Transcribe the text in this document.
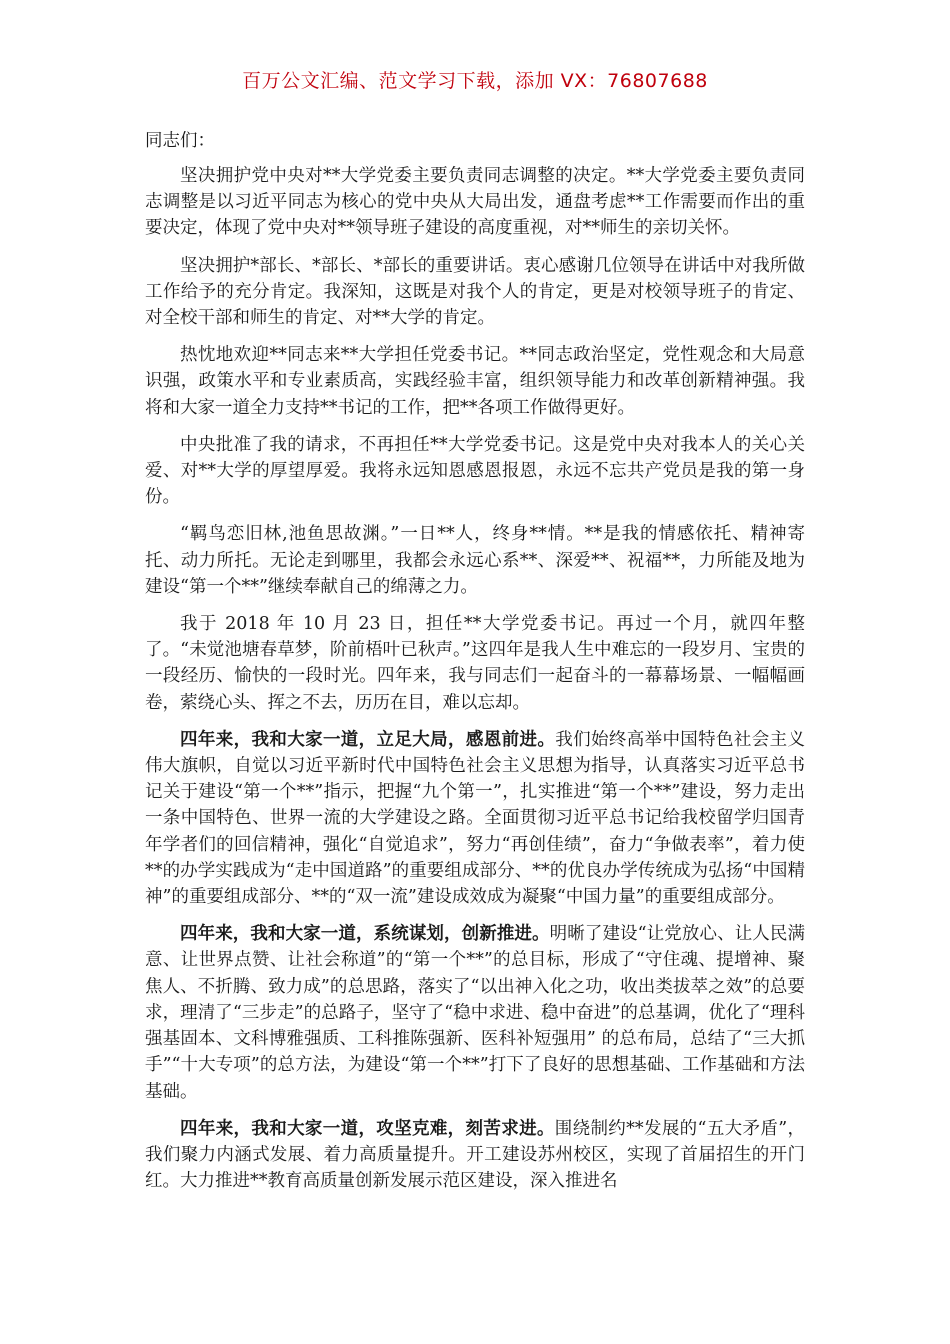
百万公文汇编、范文学习下载，添加 VX：76807688
同志们：

坚决拥护党中央对**大学党委主要负责同志调整的决定。**大学党委主要负责同志调整是以习近平同志为核心的党中央从大局出发，通盘考虑**工作需要而作出的重要决定，体现了党中央对**领导班子建设的高度重视，对**师生的亲切关怀。

坚决拥护*部长、*部长、*部长的重要讲话。衷心感谢几位领导在讲话中对我所做工作给予的充分肯定。我深知，这既是对我个人的肯定，更是对校领导班子的肯定、对全校干部和师生的肯定、对**大学的肯定。

热忱地欢迎**同志来**大学担任党委书记。**同志政治坚定，党性观念和大局意识强，政策水平和专业素质高，实践经验丰富，组织领导能力和改革创新精神强。我将和大家一道全力支持**书记的工作，把**各项工作做得更好。

中央批准了我的请求，不再担任**大学党委书记。这是党中央对我本人的关心关爱、对**大学的厚望厚爱。我将永远知恩感恩报恩，永远不忘共产党员是我的第一身份。

“羁鸟恋旧林,池鱼思故渊。”一日**人，终身**情。**是我的情感依托、精神寄托、动力所托。无论走到哪里，我都会永远心系**、深爱**、祝福**，力所能及地为建设“第一个**”继续奉献自己的绵薄之力。

我于 2018 年 10 月 23 日，担任**大学党委书记。再过一个月，就四年整了。“未觉池塘春草梦，阶前梧叶已秋声。”这四年是我人生中难忘的一段岁月、宝贵的一段经历、愉快的一段时光。四年来，我与同志们一起奋斗的一幕幕场景、一幅幅画卷，萦绕心头、挥之不去，历历在目，难以忘却。

四年来，我和大家一道，立足大局，感恩前进。我们始终高举中国特色社会主义伟大旗帜，自觉以习近平新时代中国特色社会主义思想为指导，认真落实习近平总书记关于建设“第一个**”指示，把握“九个第一”，扎实推进“第一个**”建设，努力走出一条中国特色、世界一流的大学建设之路。全面贯彻习近平总书记给我校留学归国青年学者们的回信精神，强化“自觉追求”，努力“再创佳绩”，奋力“争做表率”，着力使**的办学实践成为“走中国道路”的重要组成部分、**的优良办学传统成为弘扬“中国精神”的重要组成部分、**的“双一流”建设成效成为凝聚“中国力量”的重要组成部分。

四年来，我和大家一道，系统谋划，创新推进。明晰了建设“让党放心、让人民满意、让世界点赞、让社会称道”的“第一个**”的总目标，形成了“守住魂、提增神、聚焦人、不折腾、致力成”的总思路，落实了“以出神入化之功，收出类拔萃之效”的总要求，理清了“三步走”的总路子，坚守了“稳中求进、稳中奋进”的总基调，优化了“理科强基固本、文科博雅强质、工科推陈强新、医科补短强用” 的总布局，总结了“三大抓手”“十大专项”的总方法，为建设“第一个**”打下了良好的思想基础、工作基础和方法基础。

四年来，我和大家一道，攻坚克难，刻苦求进。围绕制约**发展的“五大矛盾”，我们聚力内涵式发展、着力高质量提升。开工建设苏州校区，实现了首届招生的开门红。大力推进**教育高质量创新发展示范区建设，深入推进名
